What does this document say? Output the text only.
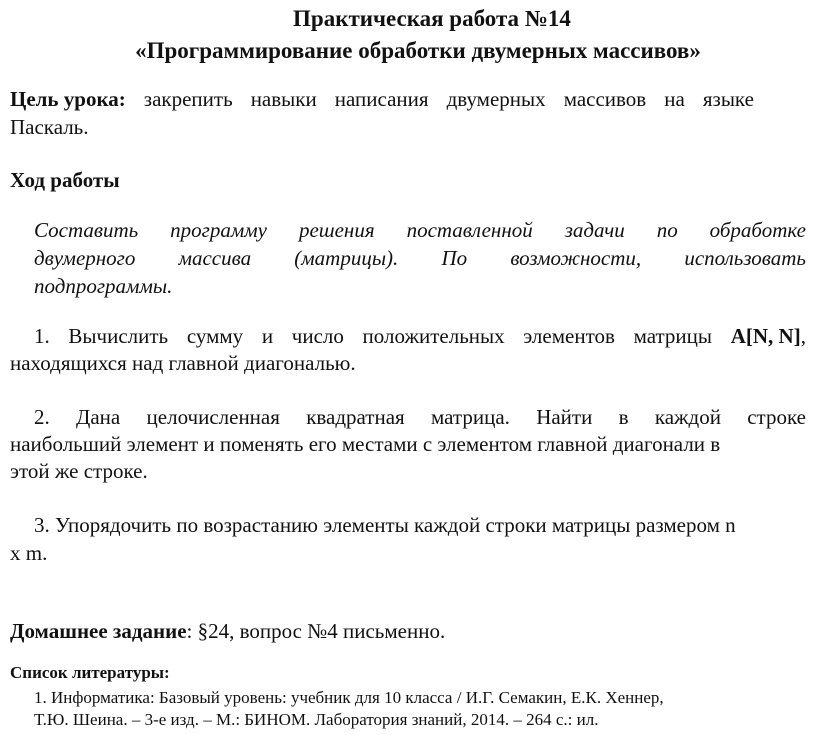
Практическая работа №14
«Программирование обработки двумерных массивов»
Цель урока: закрепить навыки написания двумерных массивов на языке
Паскаль.
Ход работы
Составить программу решения поставленной задачи по обработке
двумерного массива (матрицы). По возможности, использовать
подпрограммы.
1. Вычислить сумму и число положительных элементов матрицы A[N, N],
находящихся над главной диагональю.
2. Дана целочисленная квадратная матрица. Найти в каждой строке
наибольший элемент и поменять его местами с элементом главной диагонали в
этой же строке.
3. Упорядочить по возрастанию элементы каждой строки матрицы размером n
x m.
Домашнее задание: §24, вопрос №4 письменно.
Список литературы:
1. Информатика: Базовый уровень: учебник для 10 класса / И.Г. Семакин, Е.К. Хеннер,
Т.Ю. Шеина. – 3-е изд. – М.: БИНОМ. Лаборатория знаний, 2014. – 264 с.: ил.
